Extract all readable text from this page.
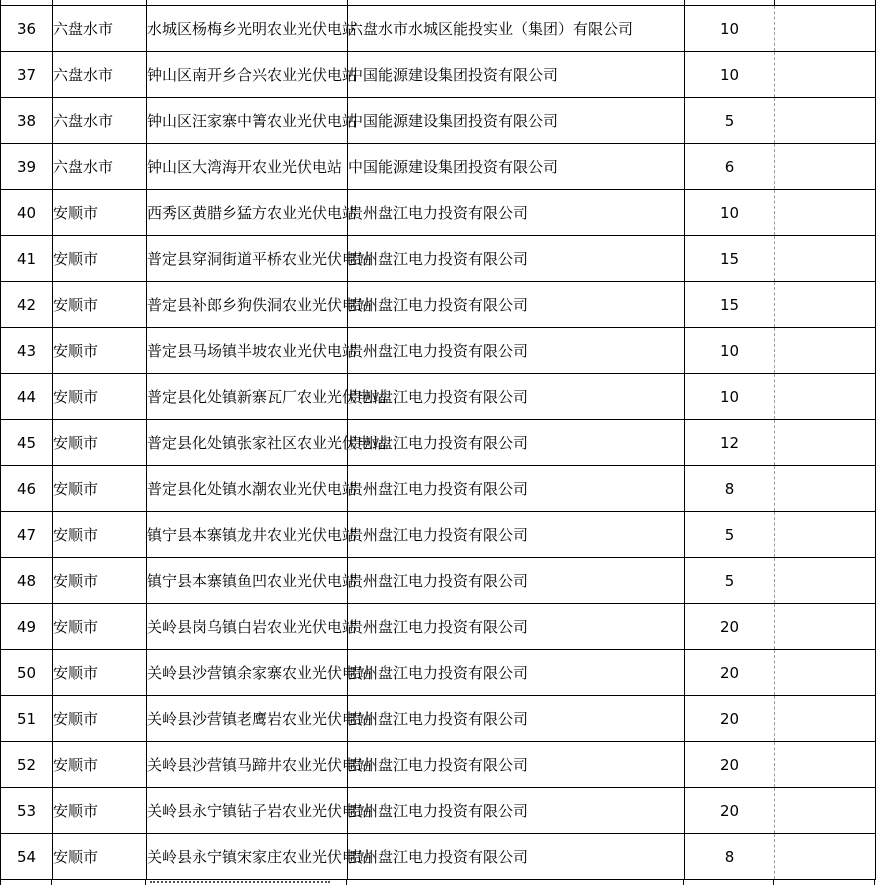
36	六盘水市	水城区杨梅乡光明农业光伏电站	六盘水市水城区能投实业（集团）有限公司	10	
37	六盘水市	钟山区南开乡合兴农业光伏电站	中国能源建设集团投资有限公司	10	
38	六盘水市	钟山区汪家寨中箐农业光伏电站	中国能源建设集团投资有限公司	5	
39	六盘水市	钟山区大湾海开农业光伏电站	中国能源建设集团投资有限公司	6	
40	安顺市	西秀区黄腊乡猛方农业光伏电站	贵州盘江电力投资有限公司	10	
41	安顺市	普定县穿洞街道平桥农业光伏电站	贵州盘江电力投资有限公司	15	
42	安顺市	普定县补郎乡狗佚洞农业光伏电站	贵州盘江电力投资有限公司	15	
43	安顺市	普定县马场镇半坡农业光伏电站	贵州盘江电力投资有限公司	10	
44	安顺市	普定县化处镇新寨瓦厂农业光伏电站	贵州盘江电力投资有限公司	10	
45	安顺市	普定县化处镇张家社区农业光伏电站	贵州盘江电力投资有限公司	12	
46	安顺市	普定县化处镇水潮农业光伏电站	贵州盘江电力投资有限公司	8	
47	安顺市	镇宁县本寨镇龙井农业光伏电站	贵州盘江电力投资有限公司	5	
48	安顺市	镇宁县本寨镇鱼凹农业光伏电站	贵州盘江电力投资有限公司	5	
49	安顺市	关岭县岗乌镇白岩农业光伏电站	贵州盘江电力投资有限公司	20	
50	安顺市	关岭县沙营镇余家寨农业光伏电站	贵州盘江电力投资有限公司	20	
51	安顺市	关岭县沙营镇老鹰岩农业光伏电站	贵州盘江电力投资有限公司	20	
52	安顺市	关岭县沙营镇马蹄井农业光伏电站	贵州盘江电力投资有限公司	20	
53	安顺市	关岭县永宁镇钻子岩农业光伏电站	贵州盘江电力投资有限公司	20	
54	安顺市	关岭县永宁镇宋家庄农业光伏电站	贵州盘江电力投资有限公司	8	
